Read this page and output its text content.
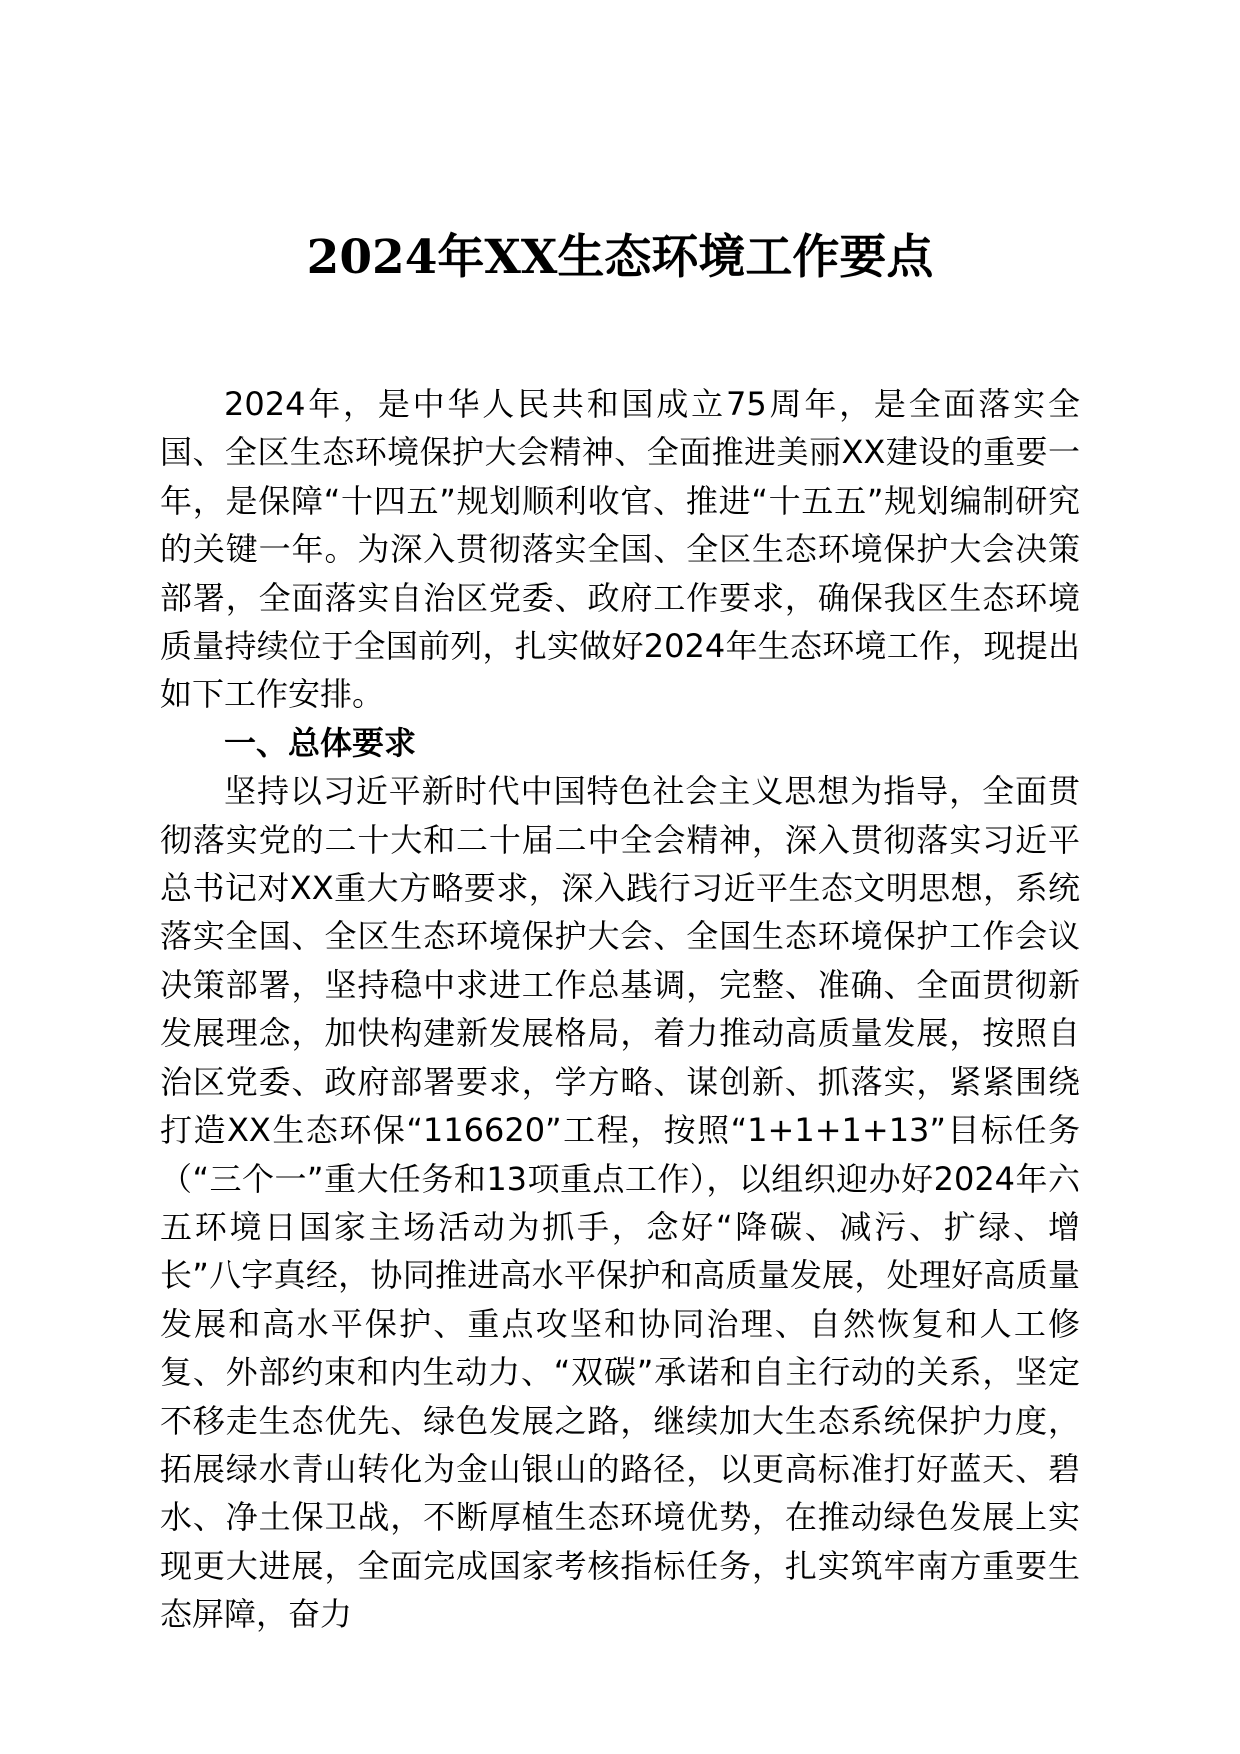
2024年XX生态环境工作要点

2024年，是中华人民共和国成立75周年，是全面落实全国、全区生态环境保护大会精神、全面推进美丽XX建设的重要一年，是保障“十四五”规划顺利收官、推进“十五五”规划编制研究的关键一年。为深入贯彻落实全国、全区生态环境保护大会决策部署，全面落实自治区党委、政府工作要求，确保我区生态环境质量持续位于全国前列，扎实做好2024年生态环境工作，现提出如下工作安排。

一、总体要求

坚持以习近平新时代中国特色社会主义思想为指导，全面贯彻落实党的二十大和二十届二中全会精神，深入贯彻落实习近平总书记对XX重大方略要求，深入践行习近平生态文明思想，系统落实全国、全区生态环境保护大会、全国生态环境保护工作会议决策部署，坚持稳中求进工作总基调，完整、准确、全面贯彻新发展理念，加快构建新发展格局，着力推动高质量发展，按照自治区党委、政府部署要求，学方略、谋创新、抓落实，紧紧围绕打造XX生态环保“116620”工程，按照“1+1+1+13”目标任务（“三个一”重大任务和13项重点工作），以组织迎办好2024年六五环境日国家主场活动为抓手，念好“降碳、减污、扩绿、增长”八字真经，协同推进高水平保护和高质量发展，处理好高质量发展和高水平保护、重点攻坚和协同治理、自然恢复和人工修复、外部约束和内生动力、“双碳”承诺和自主行动的关系，坚定不移走生态优先、绿色发展之路，继续加大生态系统保护力度，拓展绿水青山转化为金山银山的路径，以更高标准打好蓝天、碧水、净土保卫战，不断厚植生态环境优势，在推动绿色发展上实现更大进展，全面完成国家考核指标任务，扎实筑牢南方重要生态屏障，奋力
